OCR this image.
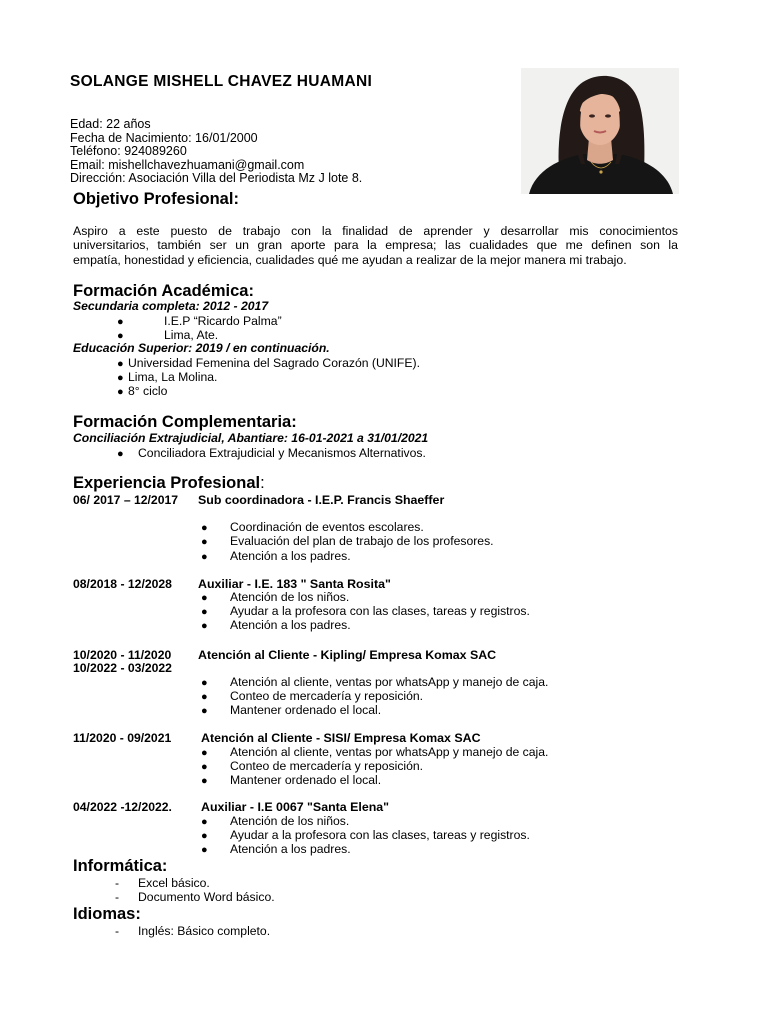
SOLANGE MISHELL CHAVEZ HUAMANI
Edad: 22 años
Fecha de Nacimiento: 16/01/2000
Teléfono: 924089260
Email: mishellchavezhuamani@gmail.com
Dirección: Asociación Villa del Periodista Mz J lote 8.
Objetivo Profesional:
Aspiro a este puesto de trabajo con la finalidad de aprender y desarrollar mis conocimientos
universitarios, también ser un gran aporte para la empresa; las cualidades que me definen son la
empatía, honestidad y eficiencia, cualidades qué me ayudan a realizar de la mejor manera mi trabajo.
Formación Académica:
Secundaria completa: 2012 - 2017
●	I.E.P “Ricardo Palma”
●	Lima, Ate.
Educación Superior: 2019 / en continuación.
● Universidad Femenina del Sagrado Corazón (UNIFE).
● Lima, La Molina.
● 8° ciclo
Formación Complementaria:
Conciliación Extrajudicial, Abantiare: 16-01-2021 a 31/01/2021
● Conciliadora Extrajudicial y Mecanismos Alternativos.
Experiencia Profesional:
06/ 2017 – 12/2017 Sub coordinadora - I.E.P. Francis Shaeffer
● Coordinación de eventos escolares.
● Evaluación del plan de trabajo de los profesores.
● Atención a los padres.
08/2018 - 12/2028 Auxiliar - I.E. 183 " Santa Rosita"
● Atención de los niños.
● Ayudar a la profesora con las clases, tareas y registros.
● Atención a los padres.
10/2020 - 11/2020
10/2022 - 03/2022
Atención al Cliente - Kipling/ Empresa Komax SAC
● Atención al cliente, ventas por whatsApp y manejo de caja.
● Conteo de mercadería y reposición.
● Mantener ordenado el local.
11/2020 - 09/2021 Atención al Cliente - SISI/ Empresa Komax SAC
● Atención al cliente, ventas por whatsApp y manejo de caja.
● Conteo de mercadería y reposición.
● Mantener ordenado el local.
04/2022 -12/2022. Auxiliar - I.E 0067 "Santa Elena"
● Atención de los niños.
● Ayudar a la profesora con las clases, tareas y registros.
● Atención a los padres.
Informática:
- Excel básico.
- Documento Word básico.
Idiomas:
- Inglés: Básico completo.
